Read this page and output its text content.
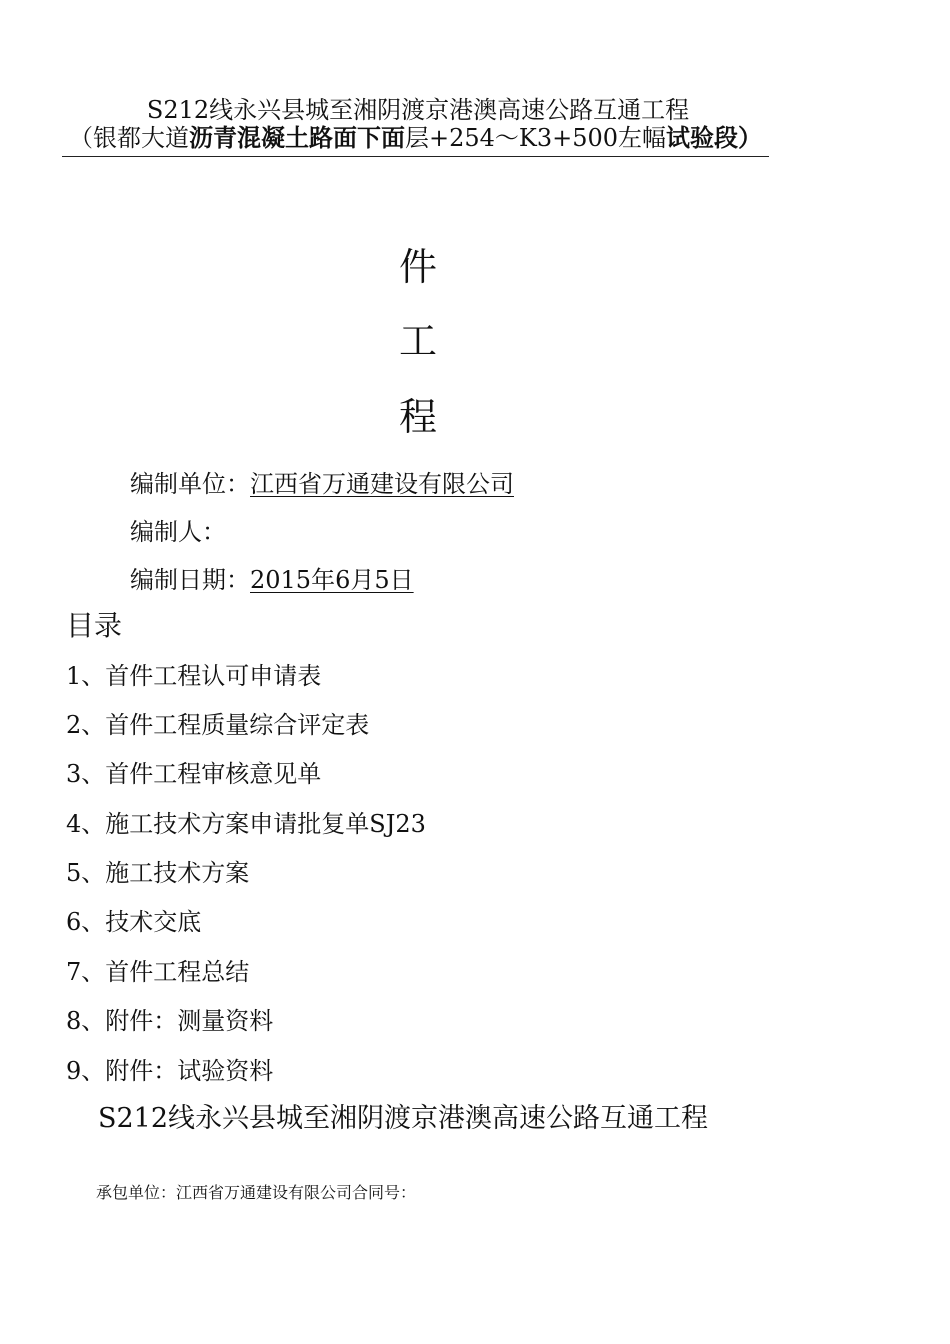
S212线永兴县城至湘阴渡京港澳高速公路互通工程
（银都大道沥青混凝土路面下面层+254～K3+500左幅试验段）
件
工
程
编制单位：江西省万通建设有限公司
编制人：
编制日期：2015年6月5日
目录
1、首件工程认可申请表
2、首件工程质量综合评定表
3、首件工程审核意见单
4、施工技术方案申请批复单SJ23
5、施工技术方案
6、技术交底
7、首件工程总结
8、附件：测量资料
9、附件：试验资料
S212线永兴县城至湘阴渡京港澳高速公路互通工程
承包单位：江西省万通建设有限公司合同号：
